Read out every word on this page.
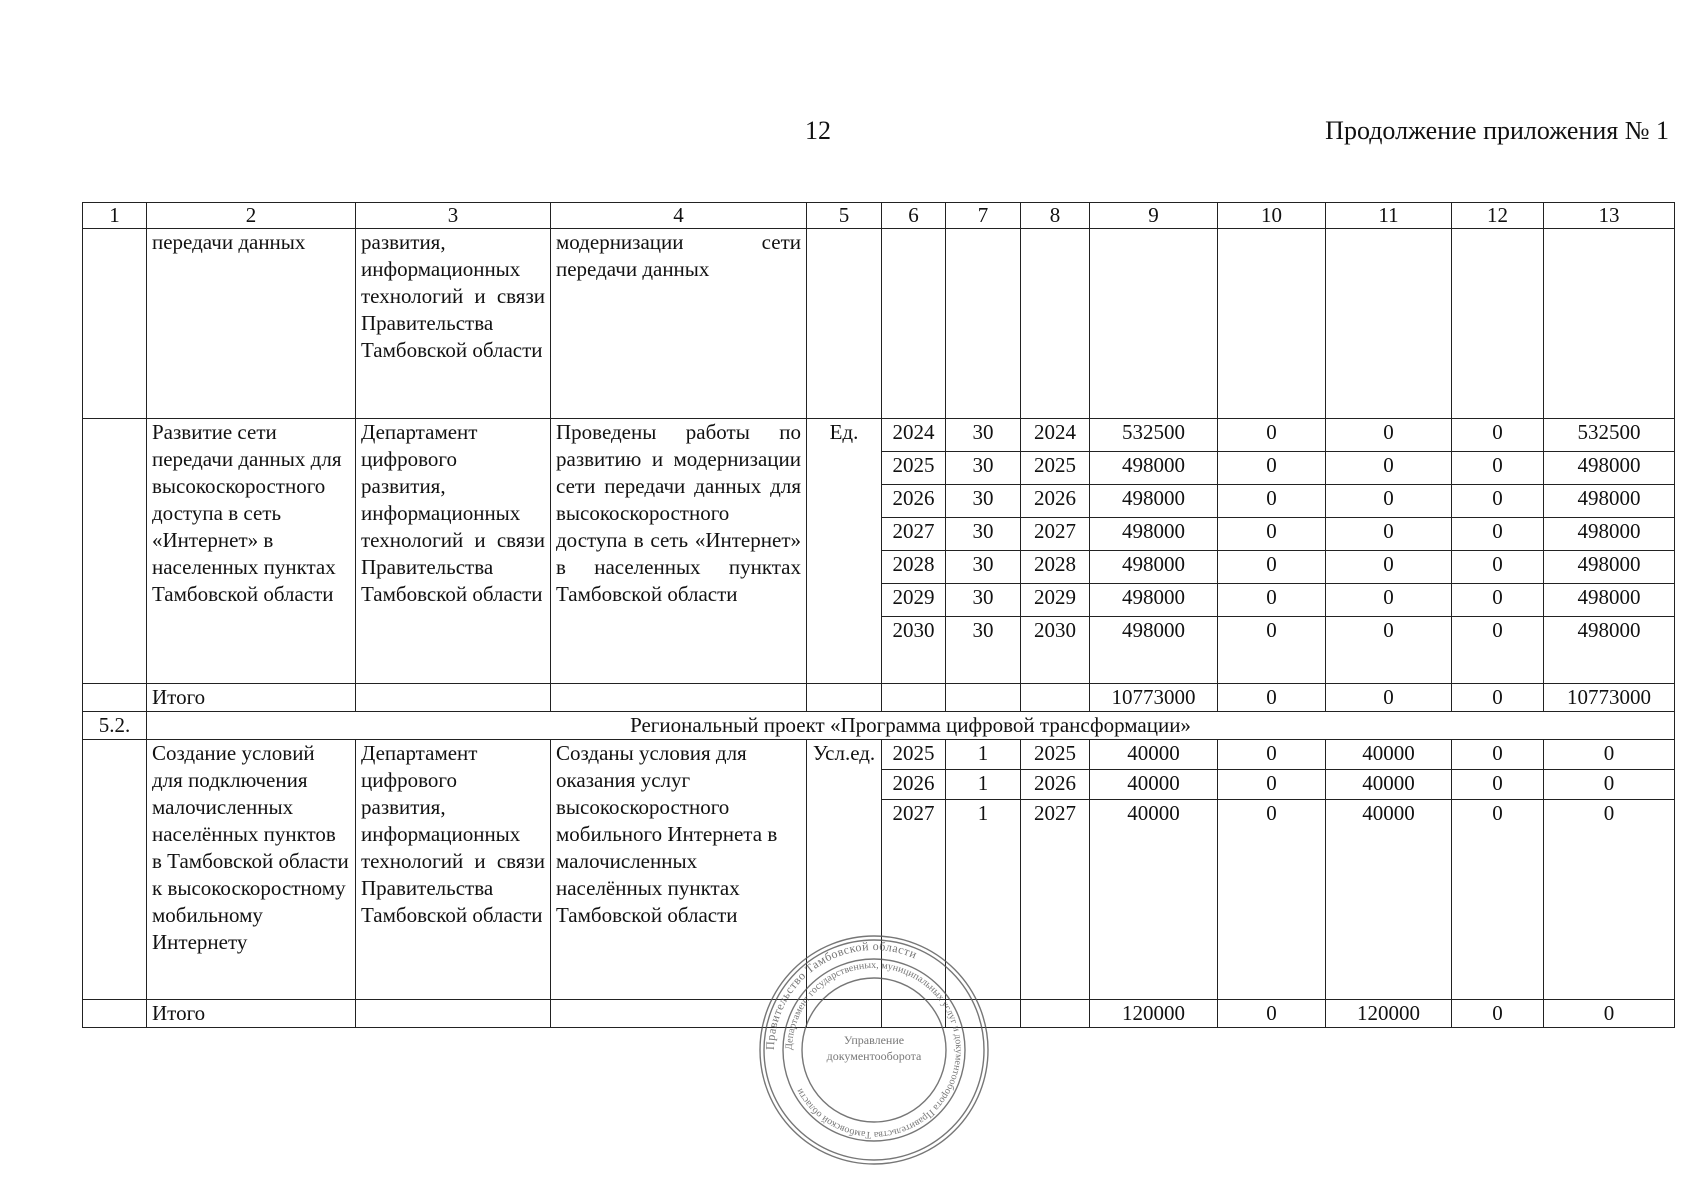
12	Продолжение приложения № 1
1	2	3	4	5	6	7	8	9	10	11	12	13
	передачи данных	развития, информационных технологий и связи Правительства Тамбовской области	модернизации сети передачи данных									
	Развитие сети передачи данных для высокоскоростного доступа в сеть «Интернет» в населенных пунктах Тамбовской области	Департамент цифрового развития, информационных технологий и связи Правительства Тамбовской области	Проведены работы по развитию и модернизации сети передачи данных для высокоскоростного доступа в сеть «Интернет» в населенных пунктах Тамбовской области	Ед.	2024	30	2024	532500	0	0	0	532500
					2025	30	2025	498000	0	0	0	498000
					2026	30	2026	498000	0	0	0	498000
					2027	30	2027	498000	0	0	0	498000
					2028	30	2028	498000	0	0	0	498000
					2029	30	2029	498000	0	0	0	498000
					2030	30	2030	498000	0	0	0	498000
	Итого							10773000	0	0	0	10773000
5.2.	Региональный проект «Программа цифровой трансформации»											
	Создание условий для подключения малочисленных населённых пунктов в Тамбовской области к высокоскоростному мобильному Интернету	Департамент цифрового развития, информационных технологий и связи Правительства Тамбовской области	Созданы условия для оказания услуг высокоскоростного мобильного Интернета в малочисленных населённых пунктах Тамбовской области	Усл.ед.	2025	1	2025	40000	0	40000	0	0
					2026	1	2026	40000	0	40000	0	0
					2027	1	2027	40000	0	40000	0	0
	Итого							120000	0	120000	0	0
Правительство Тамбовской области
Департамент государственных, муниципальных услуг и документооборота Правительства Тамбовской области
Управление
документооборота
